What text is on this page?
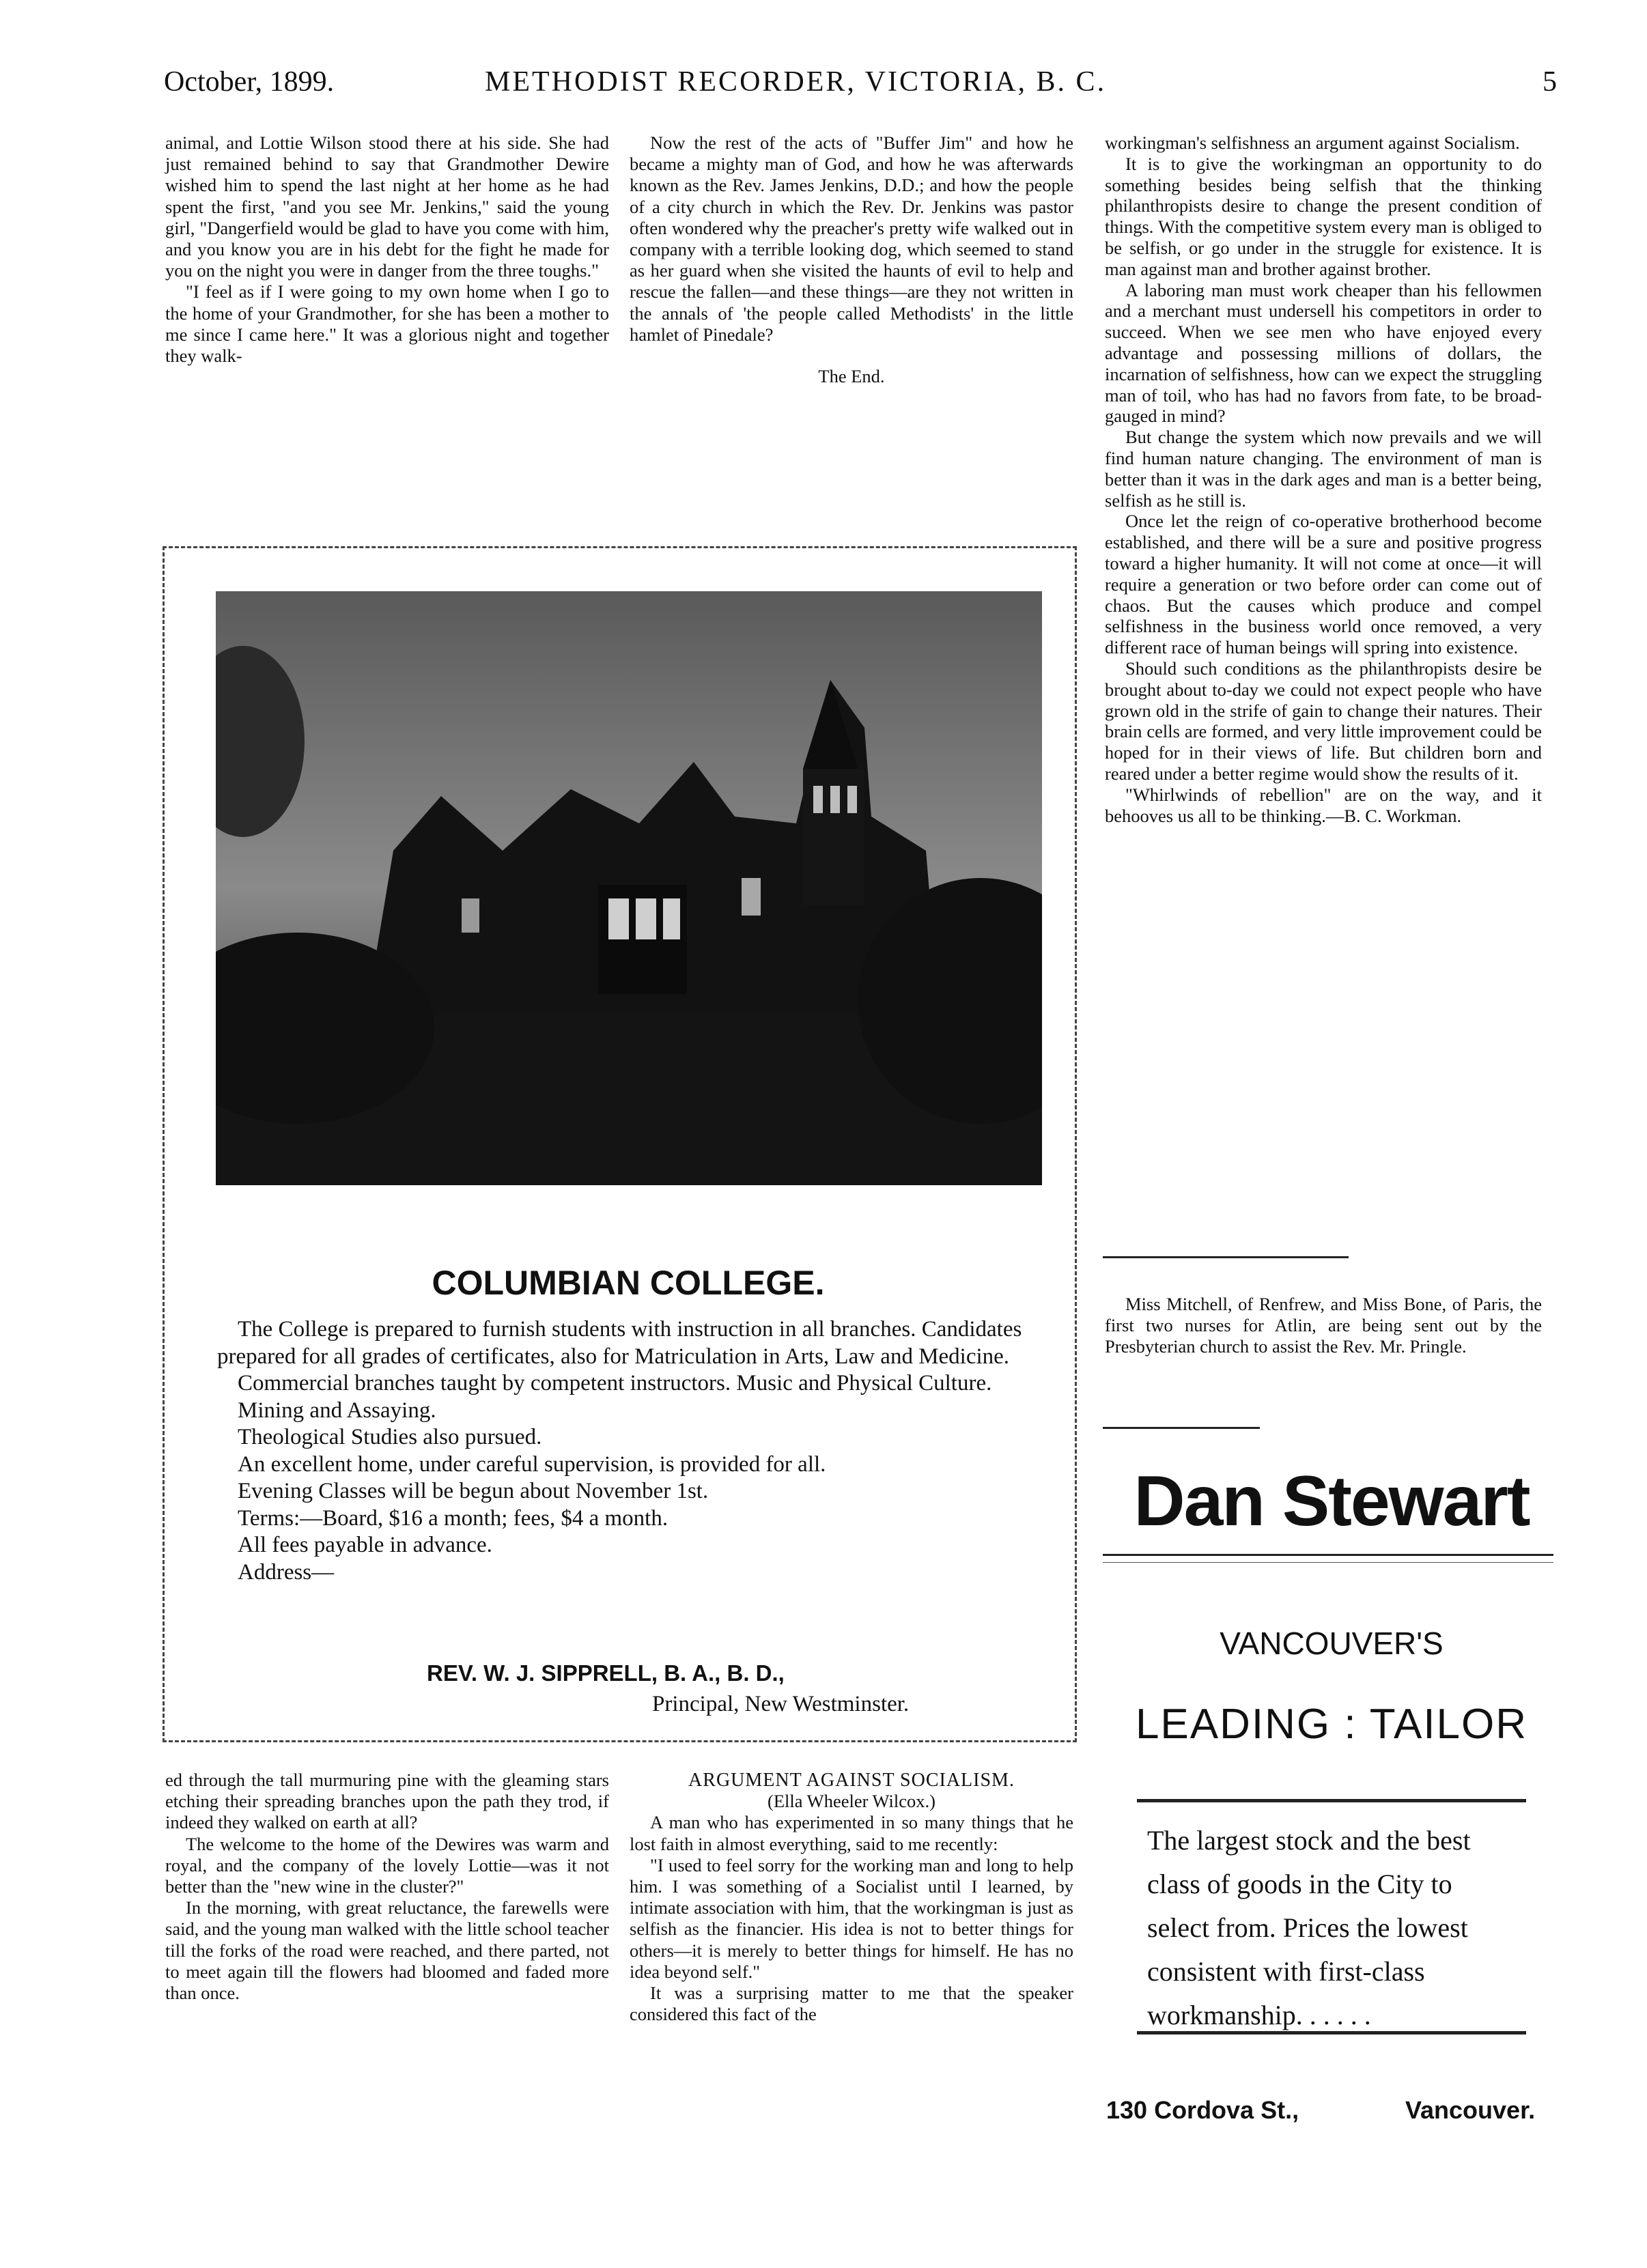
October, 1899.	METHODIST RECORDER, VICTORIA, B. C.	5

animal, and Lottie Wilson stood there at his side. She had just remained behind to say that Grandmother Dewire wished him to spend the last night at her home as he had spent the first, "and you see Mr. Jenkins," said the young girl, "Dangerfield would be glad to have you come with him, and you know you are in his debt for the fight he made for you on the night you were in danger from the three toughs."

"I feel as if I were going to my own home when I go to the home of your Grandmother, for she has been a mother to me since I came here." It was a glorious night and together they walk-

Now the rest of the acts of "Buffer Jim" and how he became a mighty man of God, and how he was afterwards known as the Rev. James Jenkins, D.D.; and how the people of a city church in which the Rev. Dr. Jenkins was pastor often wondered why the preacher's pretty wife walked out in company with a terrible looking dog, which seemed to stand as her guard when she visited the haunts of evil to help and rescue the fallen—and these things—are they not written in the annals of 'the people called Methodists' in the little hamlet of Pinedale?

The End.

workingman's selfishness an argument against Socialism.

It is to give the workingman an opportunity to do something besides being selfish that the thinking philanthropists desire to change the present condition of things. With the competitive system every man is obliged to be selfish, or go under in the struggle for existence. It is man against man and brother against brother.

A laboring man must work cheaper than his fellowmen and a merchant must undersell his competitors in order to succeed. When we see men who have enjoyed every advantage and possessing millions of dollars, the incarnation of selfishness, how can we expect the struggling man of toil, who has had no favors from fate, to be broad-gauged in mind?

But change the system which now prevails and we will find human nature changing. The environment of man is better than it was in the dark ages and man is a better being, selfish as he still is.

Once let the reign of co-operative brotherhood become established, and there will be a sure and positive progress toward a higher humanity. It will not come at once—it will require a generation or two before order can come out of chaos. But the causes which produce and compel selfishness in the business world once removed, a very different race of human beings will spring into existence.

Should such conditions as the philanthropists desire be brought about to-day we could not expect people who have grown old in the strife of gain to change their natures. Their brain cells are formed, and very little improvement could be hoped for in their views of life. But children born and reared under a better regime would show the results of it.

"Whirlwinds of rebellion" are on the way, and it behooves us all to be thinking.—B. C. Workman.

Miss Mitchell, of Renfrew, and Miss Bone, of Paris, the first two nurses for Atlin, are being sent out by the Presbyterian church to assist the Rev. Mr. Pringle.

COLUMBIAN COLLEGE.

The College is prepared to furnish students with instruction in all branches. Candidates prepared for all grades of certificates, also for Matriculation in Arts, Law and Medicine.

Commercial branches taught by competent instructors. Music and Physical Culture.

Mining and Assaying.

Theological Studies also pursued.

An excellent home, under careful supervision, is provided for all.

Evening Classes will be begun about November 1st.

Terms:—Board, $16 a month; fees, $4 a month.

All fees payable in advance.

Address—

REV. W. J. SIPPRELL, B. A., B. D.,
Principal, New Westminster.

ed through the tall murmuring pine with the gleaming stars etching their spreading branches upon the path they trod, if indeed they walked on earth at all?

The welcome to the home of the Dewires was warm and royal, and the company of the lovely Lottie—was it not better than the "new wine in the cluster?"

In the morning, with great reluctance, the farewells were said, and the young man walked with the little school teacher till the forks of the road were reached, and there parted, not to meet again till the flowers had bloomed and faded more than once.

ARGUMENT AGAINST SOCIALISM.

(Ella Wheeler Wilcox.)

A man who has experimented in so many things that he lost faith in almost everything, said to me recently:

"I used to feel sorry for the working man and long to help him. I was something of a Socialist until I learned, by intimate association with him, that the workingman is just as selfish as the financier. His idea is not to better things for others—it is merely to better things for himself. He has no idea beyond self."

It was a surprising matter to me that the speaker considered this fact of the

Dan Stewart
VANCOUVER'S
LEADING : TAILOR
The largest stock and the best class of goods in the City to select from. Prices the lowest consistent with first-class workmanship. . . . . .
130 Cordova St.,	Vancouver.
